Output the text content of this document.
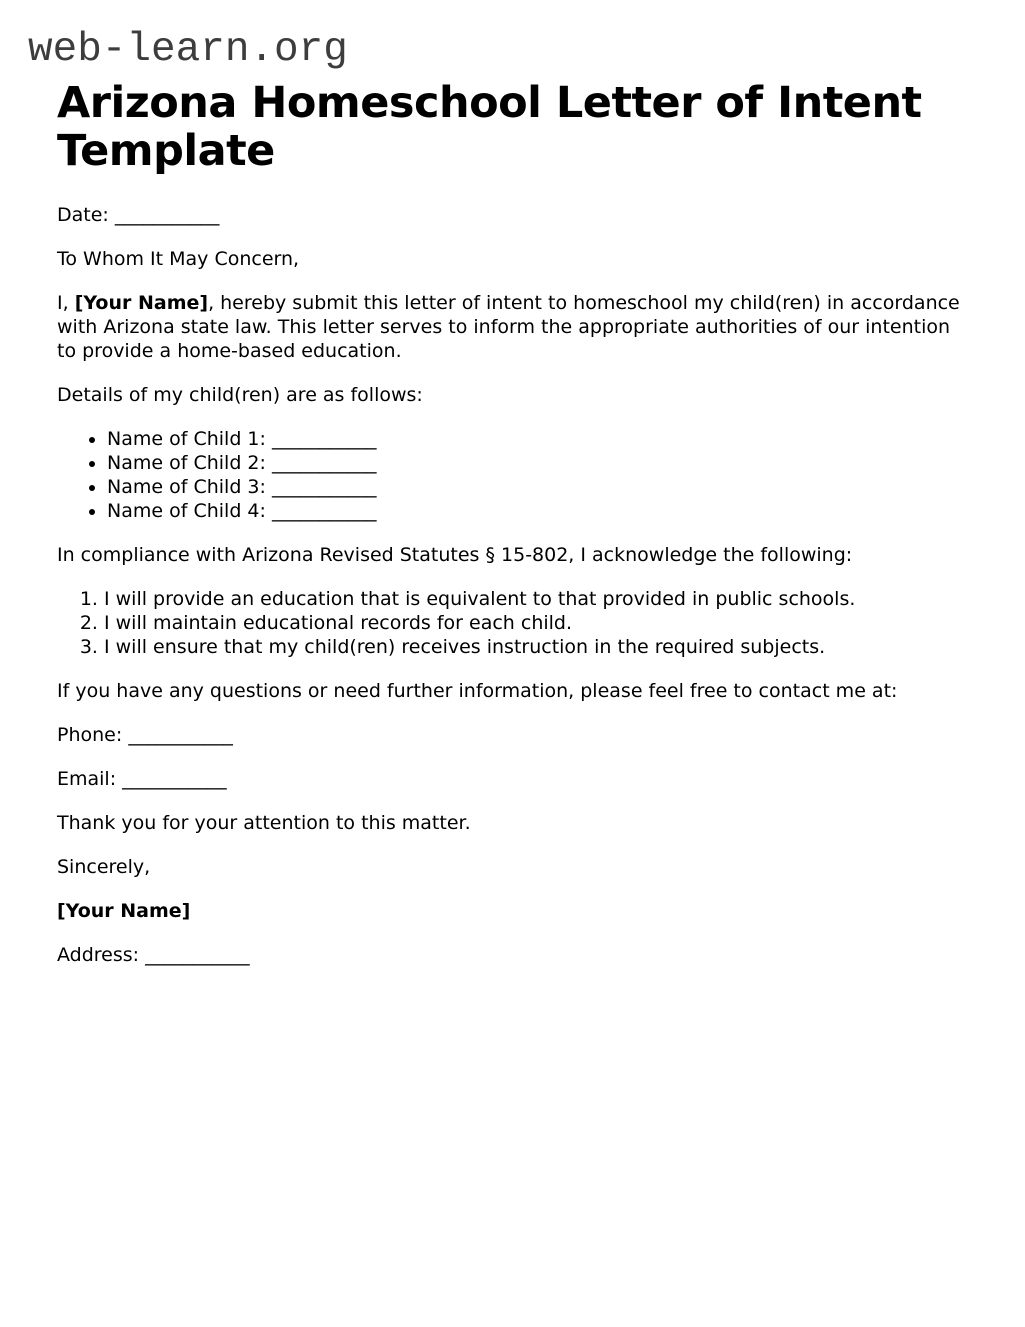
web-learn.org
Arizona Homeschool Letter of Intent Template

Date: ___________

To Whom It May Concern,

I, [Your Name], hereby submit this letter of intent to homeschool my child(ren) in accordance with Arizona state law. This letter serves to inform the appropriate authorities of our intention to provide a home-based education.

Details of my child(ren) are as follows:

• Name of Child 1: ___________
• Name of Child 2: ___________
• Name of Child 3: ___________
• Name of Child 4: ___________

In compliance with Arizona Revised Statutes § 15-802, I acknowledge the following:

1. I will provide an education that is equivalent to that provided in public schools.
2. I will maintain educational records for each child.
3. I will ensure that my child(ren) receives instruction in the required subjects.

If you have any questions or need further information, please feel free to contact me at:

Phone: ___________

Email: ___________

Thank you for your attention to this matter.

Sincerely,

[Your Name]

Address: ___________
